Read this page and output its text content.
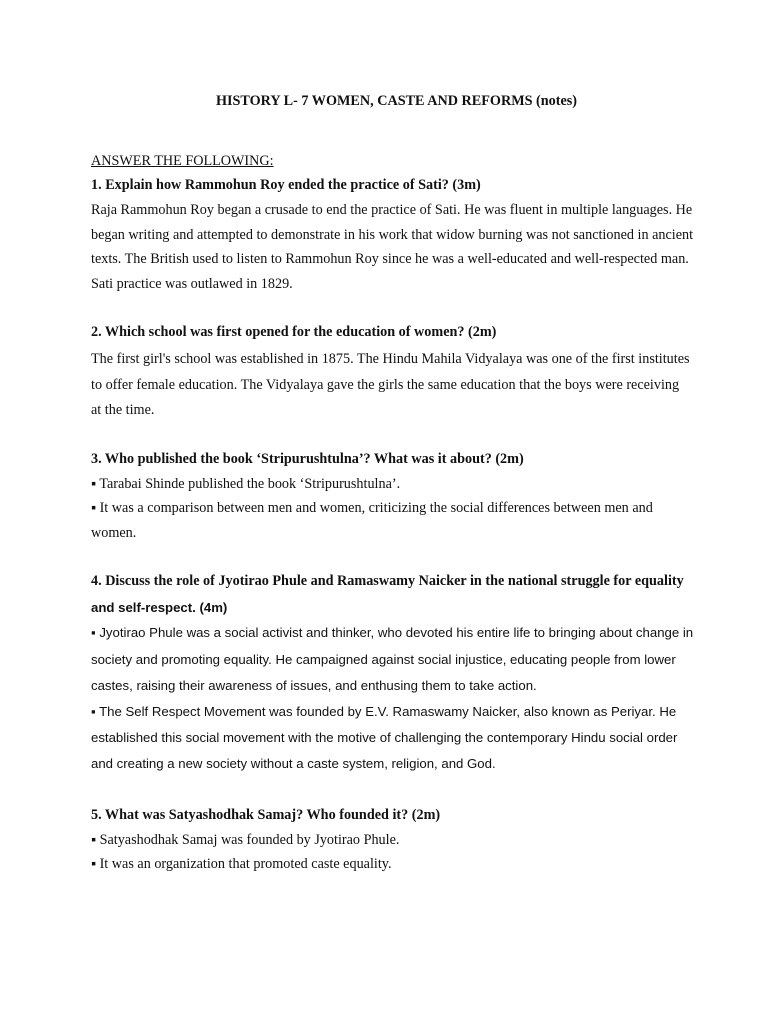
HISTORY L- 7 WOMEN, CASTE AND REFORMS (notes)
ANSWER THE FOLLOWING:
1. Explain how Rammohun Roy ended the practice of Sati? (3m)
Raja Rammohun Roy began a crusade to end the practice of Sati. He was fluent in multiple languages. He
began writing and attempted to demonstrate in his work that widow burning was not sanctioned in ancient
texts. The British used to listen to Rammohun Roy since he was a well-educated and well-respected man.
Sati practice was outlawed in 1829.
2. Which school was first opened for the education of women? (2m)
The first girl's school was established in 1875. The Hindu Mahila Vidyalaya was one of the first institutes
to offer female education. The Vidyalaya gave the girls the same education that the boys were receiving
at the time.
3. Who published the book ‘Stripurushtulna’? What was it about? (2m)
▪ Tarabai Shinde published the book ‘Stripurushtulna’.
▪ It was a comparison between men and women, criticizing the social differences between men and
women.
4. Discuss the role of Jyotirao Phule and Ramaswamy Naicker in the national struggle for equality
and self-respect. (4m)
▪ Jyotirao Phule was a social activist and thinker, who devoted his entire life to bringing about change in
society and promoting equality. He campaigned against social injustice, educating people from lower
castes, raising their awareness of issues, and enthusing them to take action.
▪ The Self Respect Movement was founded by E.V. Ramaswamy Naicker, also known as Periyar. He
established this social movement with the motive of challenging the contemporary Hindu social order
and creating a new society without a caste system, religion, and God.
5. What was Satyashodhak Samaj? Who founded it? (2m)
▪ Satyashodhak Samaj was founded by Jyotirao Phule.
▪ It was an organization that promoted caste equality.
